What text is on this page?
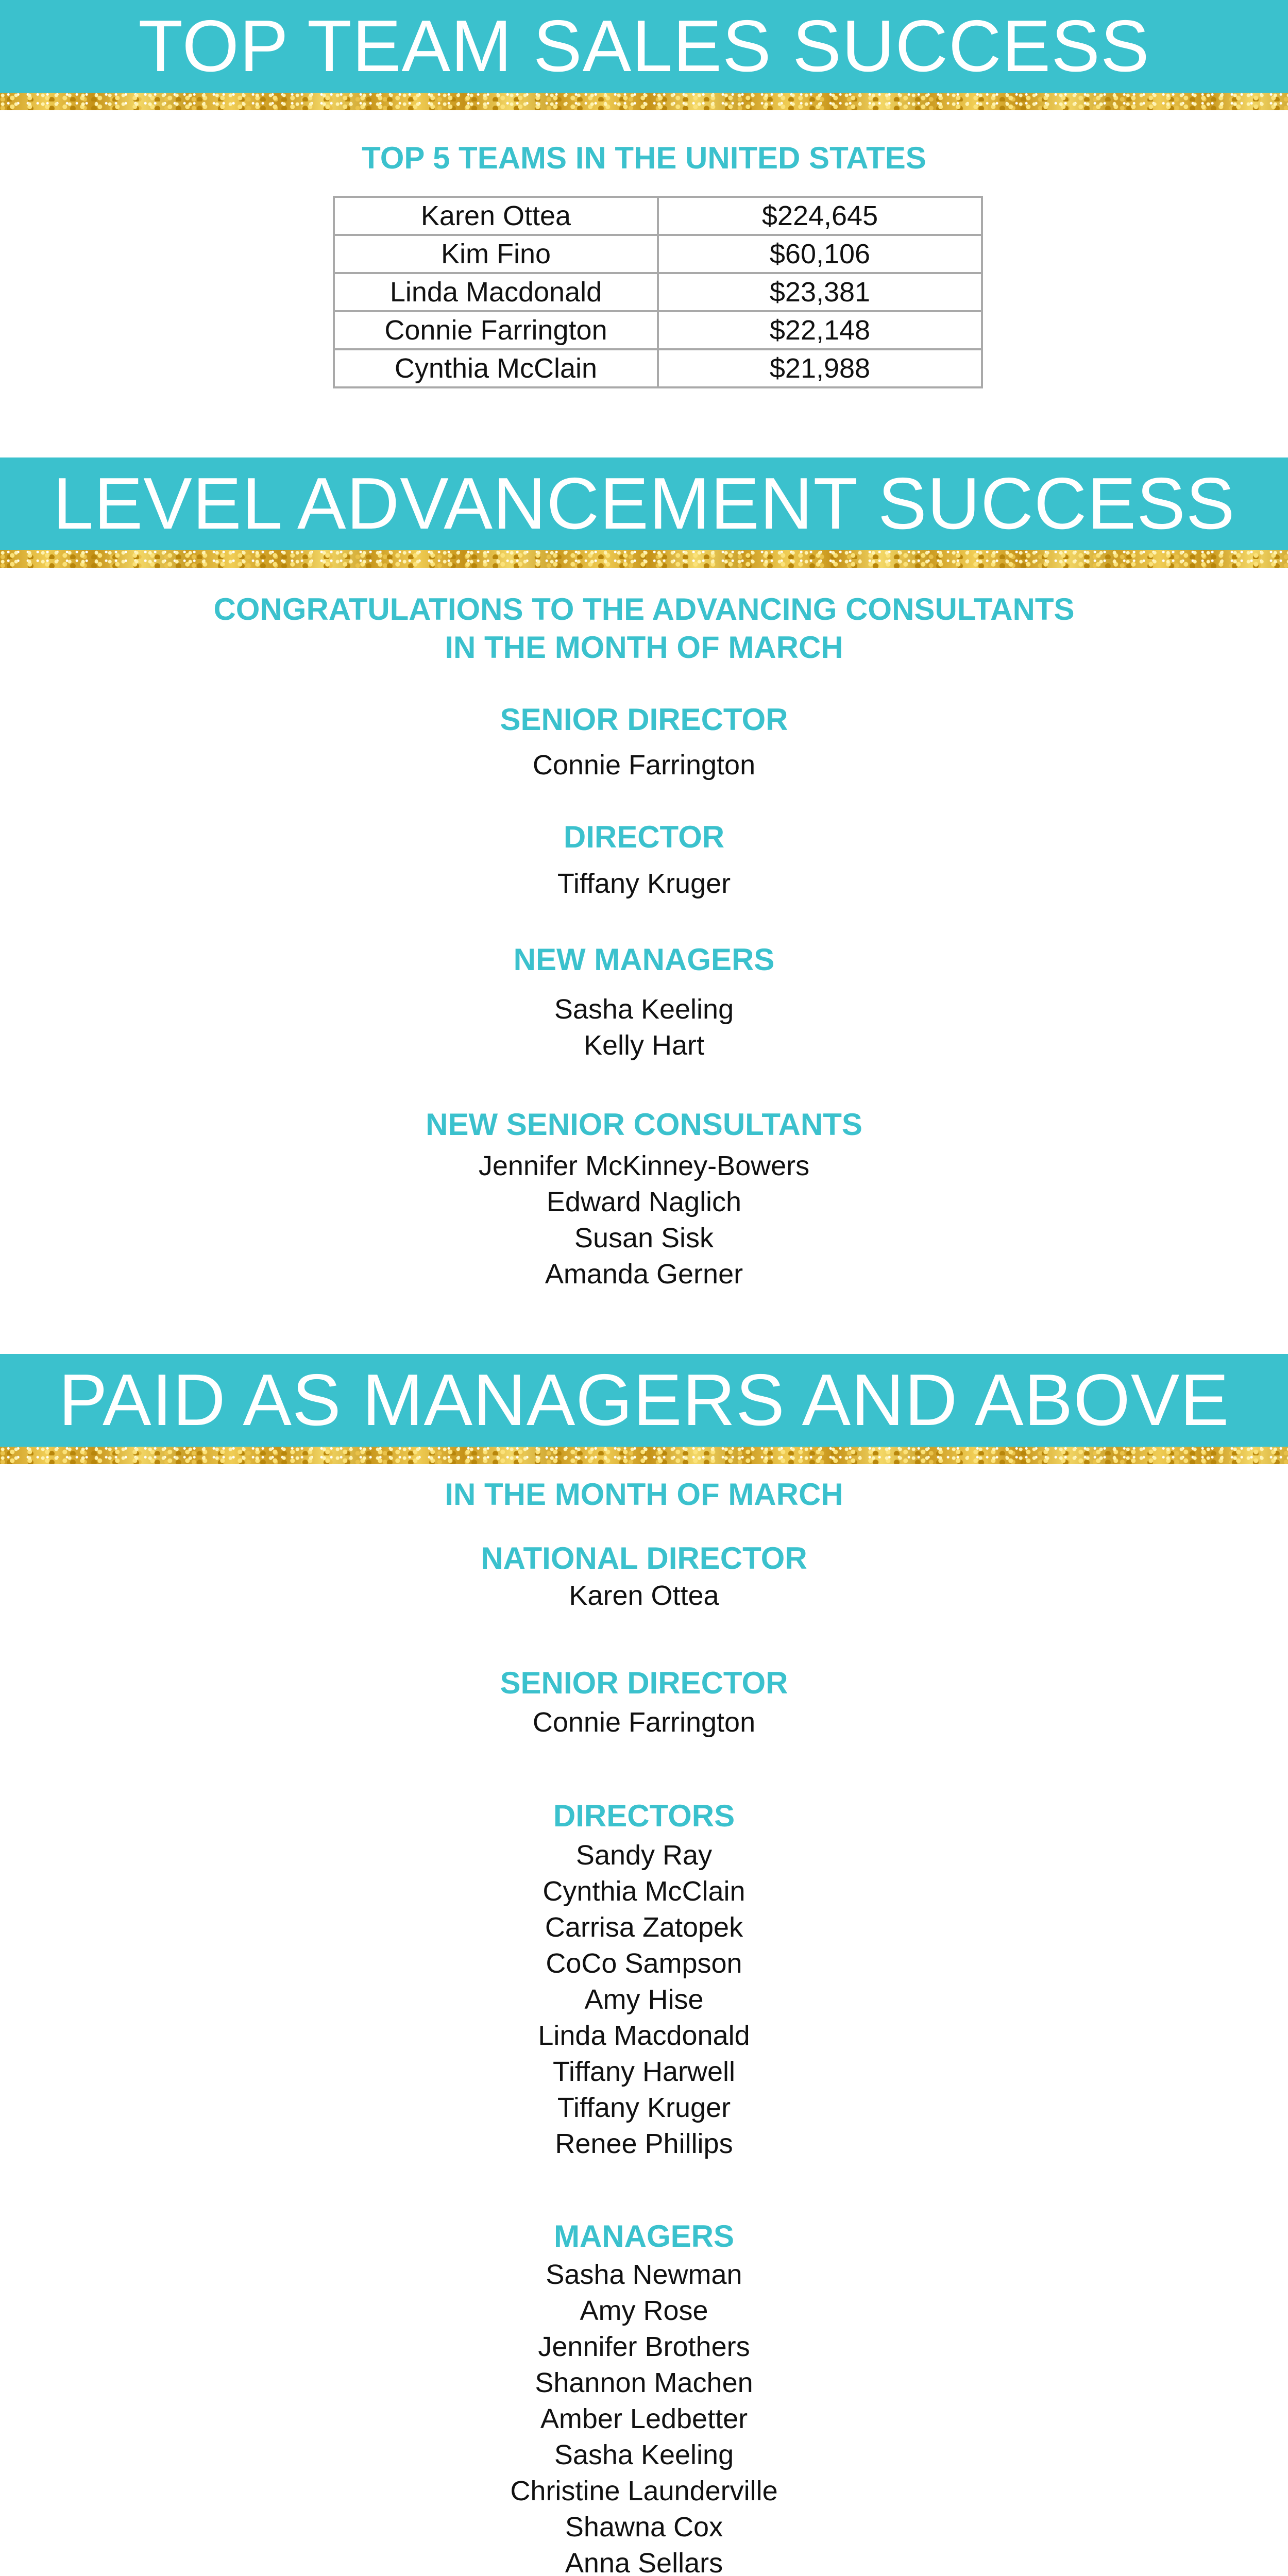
TOP TEAM SALES SUCCESS
TOP 5 TEAMS IN THE UNITED STATES
Karen Ottea	$224,645
Kim Fino	$60,106
Linda Macdonald	$23,381
Connie Farrington	$22,148
Cynthia McClain	$21,988
LEVEL ADVANCEMENT SUCCESS
CONGRATULATIONS TO THE ADVANCING CONSULTANTS
IN THE MONTH OF MARCH
SENIOR DIRECTOR
Connie Farrington
DIRECTOR
Tiffany Kruger
NEW MANAGERS
Sasha Keeling
Kelly Hart
NEW SENIOR CONSULTANTS
Jennifer McKinney-Bowers
Edward Naglich
Susan Sisk
Amanda Gerner
PAID AS MANAGERS AND ABOVE
IN THE MONTH OF MARCH
NATIONAL DIRECTOR
Karen Ottea
SENIOR DIRECTOR
Connie Farrington
DIRECTORS
Sandy Ray
Cynthia McClain
Carrisa Zatopek
CoCo Sampson
Amy Hise
Linda Macdonald
Tiffany Harwell
Tiffany Kruger
Renee Phillips
MANAGERS
Sasha Newman
Amy Rose
Jennifer Brothers
Shannon Machen
Amber Ledbetter
Sasha Keeling
Christine Launderville
Shawna Cox
Anna Sellars
